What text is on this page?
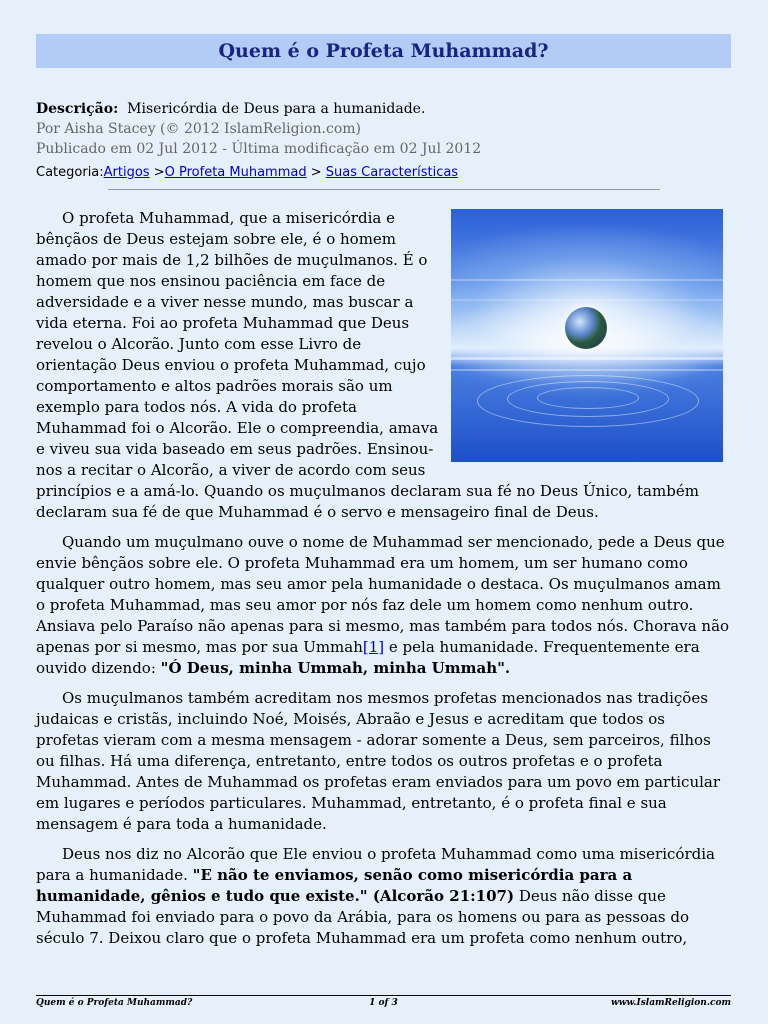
Quem é o Profeta Muhammad?
Descrição: Misericórdia de Deus para a humanidade.
Por Aisha Stacey (© 2012 IslamReligion.com)
Publicado em 02 Jul 2012 - Última modificação em 02 Jul 2012
Categoria:Artigos >O Profeta Muhammad > Suas Características

O profeta Muhammad, que a misericórdia e bênçãos de Deus estejam sobre ele, é o homem amado por mais de 1,2 bilhões de muçulmanos. É o homem que nos ensinou paciência em face de adversidade e a viver nesse mundo, mas buscar a vida eterna. Foi ao profeta Muhammad que Deus revelou o Alcorão. Junto com esse Livro de orientação Deus enviou o profeta Muhammad, cujo comportamento e altos padrões morais são um exemplo para todos nós. A vida do profeta Muhammad foi o Alcorão. Ele o compreendia, amava e viveu sua vida baseado em seus padrões. Ensinou-nos a recitar o Alcorão, a viver de acordo com seus princípios e a amá-lo. Quando os muçulmanos declaram sua fé no Deus Único, também declaram sua fé de que Muhammad é o servo e mensageiro final de Deus.

Quando um muçulmano ouve o nome de Muhammad ser mencionado, pede a Deus que envie bênçãos sobre ele. O profeta Muhammad era um homem, um ser humano como qualquer outro homem, mas seu amor pela humanidade o destaca. Os muçulmanos amam o profeta Muhammad, mas seu amor por nós faz dele um homem como nenhum outro. Ansiava pelo Paraíso não apenas para si mesmo, mas também para todos nós. Chorava não apenas por si mesmo, mas por sua Ummah[1] e pela humanidade. Frequentemente era ouvido dizendo: "Ó Deus, minha Ummah, minha Ummah".

Os muçulmanos também acreditam nos mesmos profetas mencionados nas tradições judaicas e cristãs, incluindo Noé, Moisés, Abraão e Jesus e acreditam que todos os profetas vieram com a mesma mensagem - adorar somente a Deus, sem parceiros, filhos ou filhas. Há uma diferença, entretanto, entre todos os outros profetas e o profeta Muhammad. Antes de Muhammad os profetas eram enviados para um povo em particular em lugares e períodos particulares. Muhammad, entretanto, é o profeta final e sua mensagem é para toda a humanidade.

Deus nos diz no Alcorão que Ele enviou o profeta Muhammad como uma misericórdia para a humanidade. "E não te enviamos, senão como misericórdia para a humanidade, gênios e tudo que existe." (Alcorão 21:107) Deus não disse que Muhammad foi enviado para o povo da Arábia, para os homens ou para as pessoas do século 7. Deixou claro que o profeta Muhammad era um profeta como nenhum outro,

Quem é o Profeta Muhammad?	1 of 3	www.IslamReligion.com
